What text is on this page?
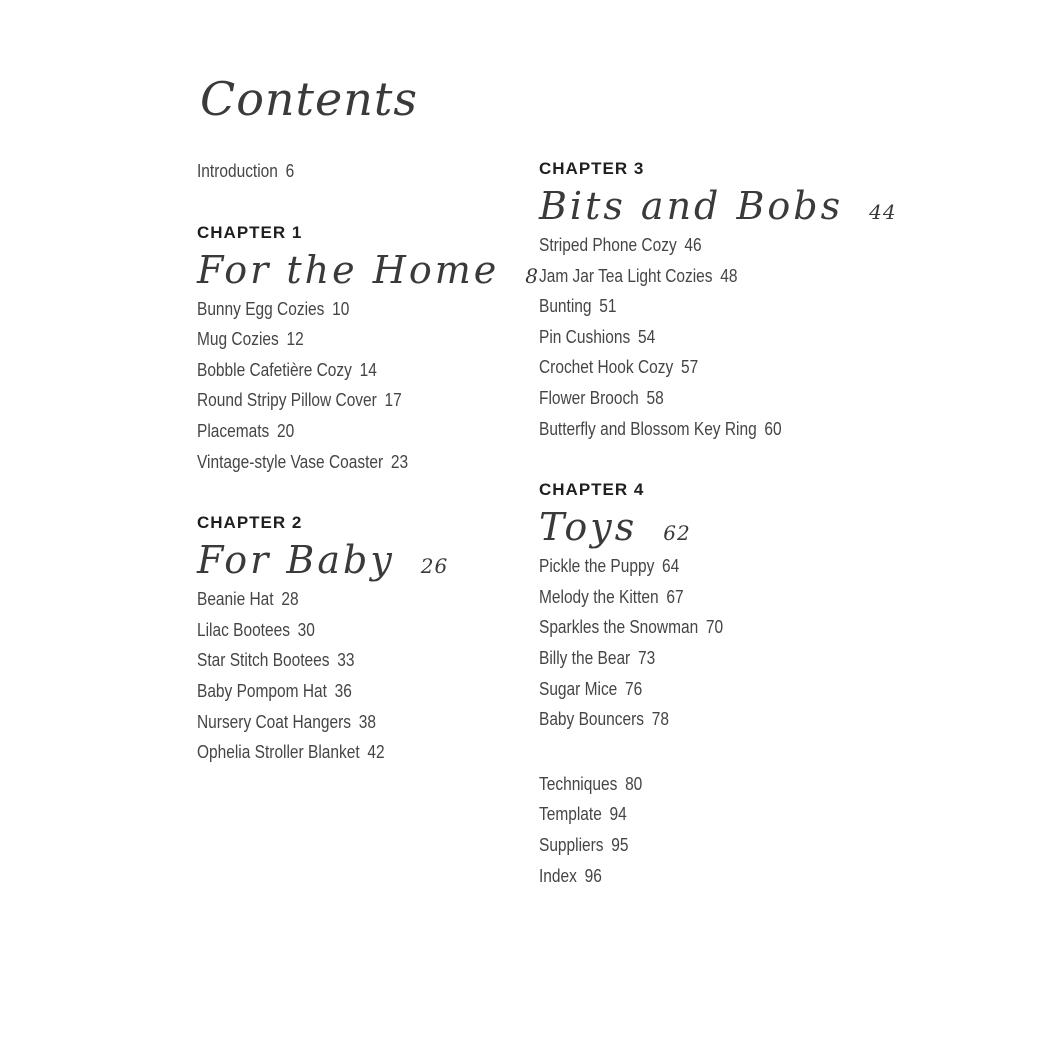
Contents
Introduction 6
CHAPTER 1
For the Home 8
Bunny Egg Cozies 10
Mug Cozies 12
Bobble Cafetière Cozy 14
Round Stripy Pillow Cover 17
Placemats 20
Vintage-style Vase Coaster 23
CHAPTER 2
For Baby 26
Beanie Hat 28
Lilac Bootees 30
Star Stitch Bootees 33
Baby Pompom Hat 36
Nursery Coat Hangers 38
Ophelia Stroller Blanket 42
CHAPTER 3
Bits and Bobs 44
Striped Phone Cozy 46
Jam Jar Tea Light Cozies 48
Bunting 51
Pin Cushions 54
Crochet Hook Cozy 57
Flower Brooch 58
Butterfly and Blossom Key Ring 60
CHAPTER 4
Toys 62
Pickle the Puppy 64
Melody the Kitten 67
Sparkles the Snowman 70
Billy the Bear 73
Sugar Mice 76
Baby Bouncers 78
Techniques 80
Template 94
Suppliers 95
Index 96
